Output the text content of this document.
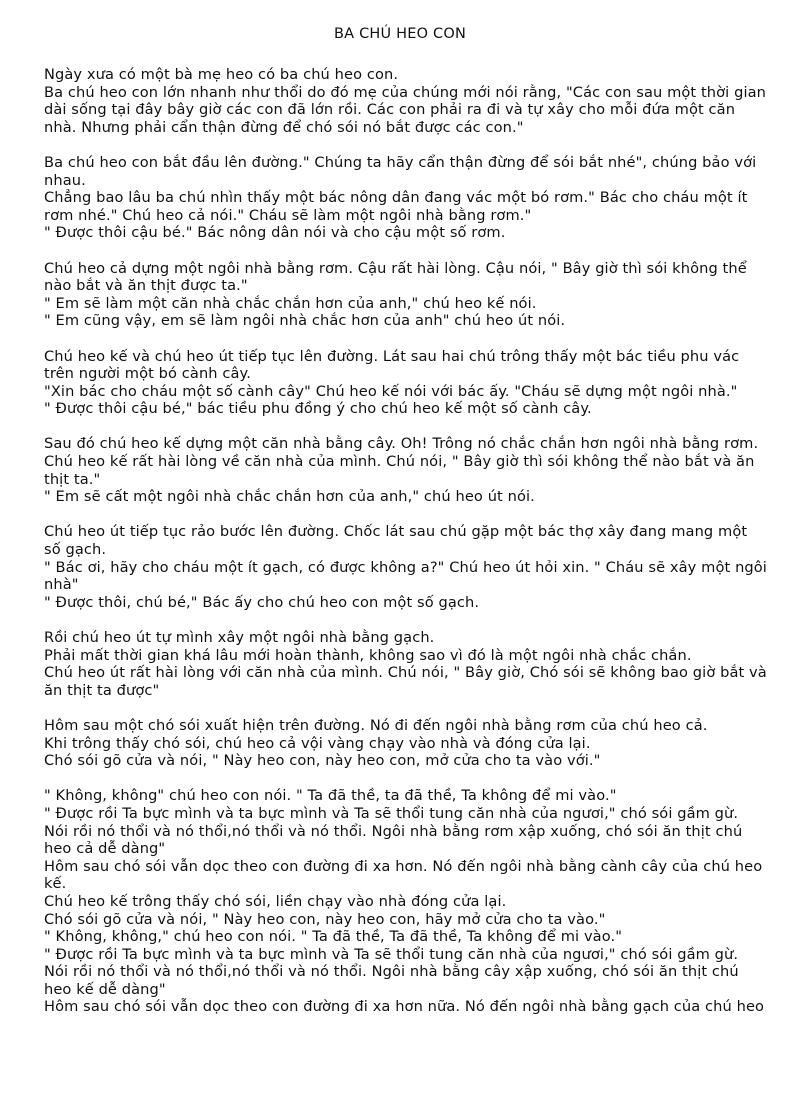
BA CHÚ HEO CON
Ngày xưa có một bà mẹ heo có ba chú heo con.
Ba chú heo con lớn nhanh như thổi do đó mẹ của chúng mới nói rằng, "Các con sau một thời gian
dài sống tại đây bây giờ các con đã lớn rồi. Các con phải ra đi và tự xây cho mỗi đứa một căn
nhà. Nhưng phải cẩn thận đừng để chó sói nó bắt được các con."
Ba chú heo con bắt đầu lên đường." Chúng ta hãy cẩn thận đừng để sói bắt nhé", chúng bảo với
nhau.
Chẳng bao lâu ba chú nhìn thấy một bác nông dân đang vác một bó rơm." Bác cho cháu một ít
rơm nhé." Chú heo cả nói." Cháu sẽ làm một ngôi nhà bằng rơm."
" Được thôi cậu bé." Bác nông dân nói và cho cậu một số rơm.
Chú heo cả dựng một ngôi nhà bằng rơm. Cậu rất hài lòng. Cậu nói, " Bây giờ thì sói không thể
nào bắt và ăn thịt được ta."
" Em sẽ làm một căn nhà chắc chắn hơn của anh," chú heo kế nói.
" Em cũng vậy, em sẽ làm ngôi nhà chắc hơn của anh" chú heo út nói.
Chú heo kế và chú heo út tiếp tục lên đường. Lát sau hai chú trông thấy một bác tiều phu vác
trên người một bó cành cây.
"Xin bác cho cháu một số cành cây" Chú heo kế nói với bác ấy. "Cháu sẽ dựng một ngôi nhà."
" Được thôi cậu bé," bác tiều phu đồng ý cho chú heo kế một số cành cây.
Sau đó chú heo kế dựng một căn nhà bằng cây. Oh! Trông nó chắc chắn hơn ngôi nhà bằng rơm.
Chú heo kế rất hài lòng về căn nhà của mình. Chú nói, " Bây giờ thì sói không thể nào bắt và ăn
thịt ta."
" Em sẽ cất một ngôi nhà chắc chắn hơn của anh," chú heo út nói.
Chú heo út tiếp tục rảo bước lên đường. Chốc lát sau chú gặp một bác thợ xây đang mang một
số gạch.
" Bác ơi, hãy cho cháu một ít gạch, có được không a?" Chú heo út hỏi xin. " Cháu sẽ xây một ngôi
nhà"
" Được thôi, chú bé," Bác ấy cho chú heo con một số gạch.
Rồi chú heo út tự mình xây một ngôi nhà bằng gạch.
Phải mất thời gian khá lâu mới hoàn thành, không sao vì đó là một ngôi nhà chắc chắn.
Chú heo út rất hài lòng với căn nhà của mình. Chú nói, " Bây giờ, Chó sói sẽ không bao giờ bắt và
ăn thịt ta được"
Hôm sau một chó sói xuất hiện trên đường. Nó đi đến ngôi nhà bằng rơm của chú heo cả.
Khi trông thấy chó sói, chú heo cả vội vàng chạy vào nhà và đóng cửa lại.
Chó sói gõ cửa và nói, " Này heo con, này heo con, mở cửa cho ta vào với."
" Không, không" chú heo con nói. " Ta đã thề, ta đã thề, Ta không để mi vào."
" Được rồi Ta bực mình và ta bực mình và Ta sẽ thổi tung căn nhà của ngươi," chó sói gầm gừ.
Nói rồi nó thổi và nó thổi,nó thổi và nó thổi. Ngôi nhà bằng rơm xập xuống, chó sói ăn thịt chú
heo cả dễ dàng"
Hôm sau chó sói vẫn dọc theo con đường đi xa hơn. Nó đến ngôi nhà bằng cành cây của chú heo
kế.
Chú heo kế trông thấy chó sói, liền chạy vào nhà đóng cửa lại.
Chó sói gõ cửa và nói, " Này heo con, này heo con, hãy mở cửa cho ta vào."
" Không, không," chú heo con nói. " Ta đã thề, Ta đã thề, Ta không để mi vào."
" Được rồi Ta bực mình và ta bực mình và Ta sẽ thổi tung căn nhà của ngươi," chó sói gầm gừ.
Nói rồi nó thổi và nó thổi,nó thổi và nó thổi. Ngôi nhà bằng cây xập xuống, chó sói ăn thịt chú
heo kế dễ dàng"
Hôm sau chó sói vẫn dọc theo con đường đi xa hơn nữa. Nó đến ngôi nhà bằng gạch của chú heo
